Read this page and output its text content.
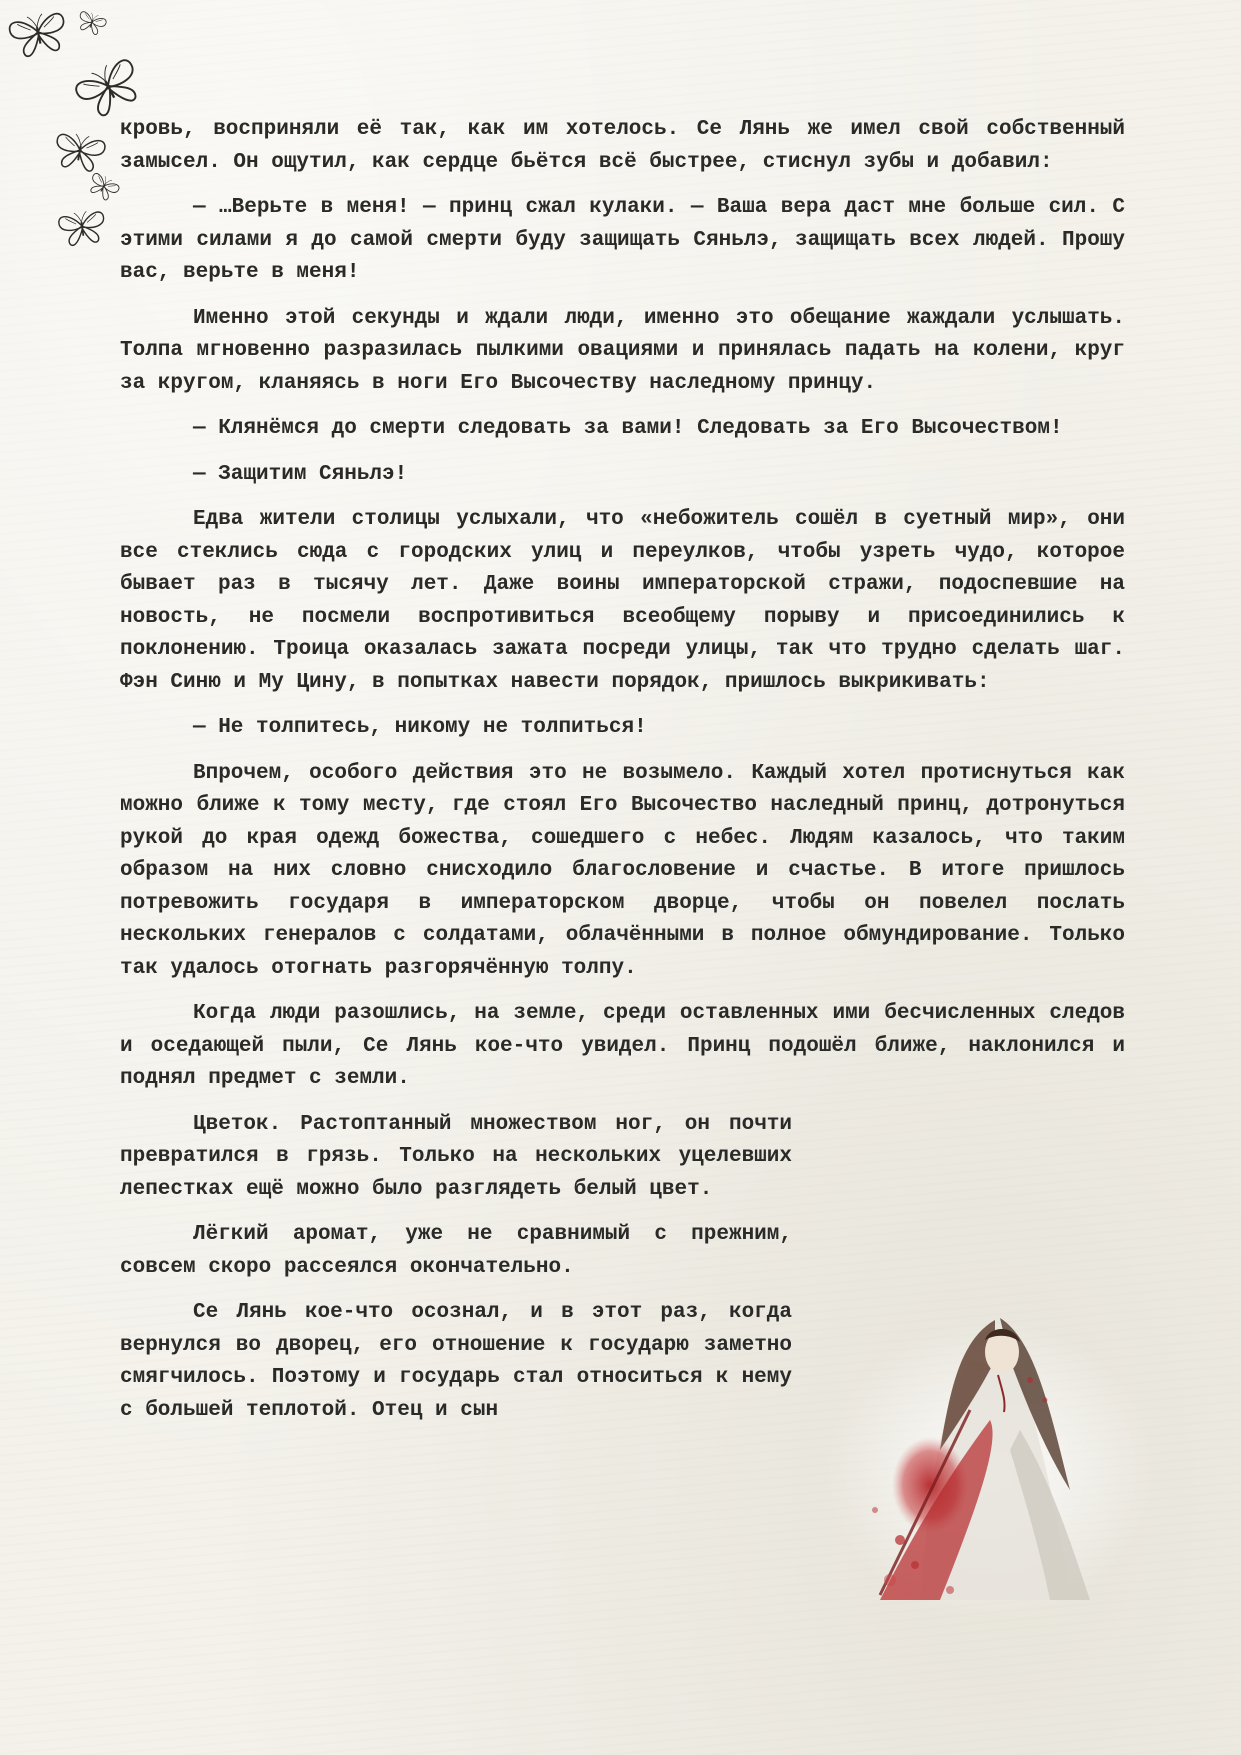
кровь, восприняли её так, как им хотелось. Се Лянь же имел свой собственный замысел. Он ощутил, как сердце бьётся всё быстрее, стиснул зубы и добавил:

— …Верьте в меня! — принц сжал кулаки. — Ваша вера даст мне больше сил. С этими силами я до самой смерти буду защищать Сяньлэ, защищать всех людей. Прошу вас, верьте в меня!

Именно этой секунды и ждали люди, именно это обещание жаждали услышать. Толпа мгновенно разразилась пылкими овациями и принялась падать на колени, круг за кругом, кланяясь в ноги Его Высочеству наследному принцу.

— Клянёмся до смерти следовать за вами! Следовать за Его Высочеством!

— Защитим Сяньлэ!

Едва жители столицы услыхали, что «небожитель сошёл в суетный мир», они все стеклись сюда с городских улиц и переулков, чтобы узреть чудо, которое бывает раз в тысячу лет. Даже воины императорской стражи, подоспевшие на новость, не посмели воспротивиться всеобщему порыву и присоединились к поклонению. Троица оказалась зажата посреди улицы, так что трудно сделать шаг. Фэн Синю и Му Цину, в попытках навести порядок, пришлось выкрикивать:

— Не толпитесь, никому не толпиться!

Впрочем, особого действия это не возымело. Каждый хотел протиснуться как можно ближе к тому месту, где стоял Его Высочество наследный принц, дотронуться рукой до края одежд божества, сошедшего с небес. Людям казалось, что таким образом на них словно снисходило благословение и счастье. В итоге пришлось потревожить государя в императорском дворце, чтобы он повелел послать нескольких генералов с солдатами, облачёнными в полное обмундирование. Только так удалось отогнать разгорячённую толпу.

Когда люди разошлись, на земле, среди оставленных ими бесчисленных следов и оседающей пыли, Се Лянь кое-что увидел. Принц подошёл ближе, наклонился и поднял предмет с земли.

Цветок. Растоптанный множеством ног, он почти превратился в грязь. Только на нескольких уцелевших лепестках ещё можно было разглядеть белый цвет.

Лёгкий аромат, уже не сравнимый с прежним, совсем скоро рассеялся окончательно.

Се Лянь кое-что осознал, и в этот раз, когда вернулся во дворец, его отношение к государю заметно смягчилось. Поэтому и государь стал относиться к нему с большей теплотой. Отец и сын
